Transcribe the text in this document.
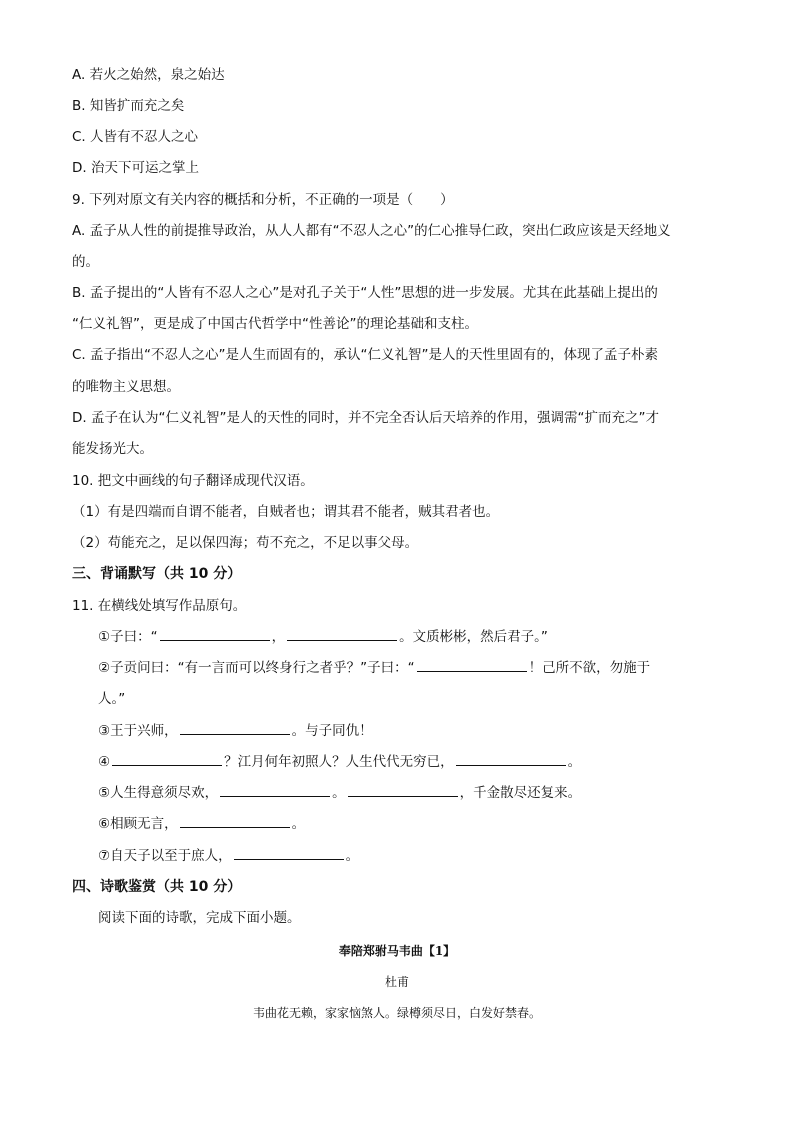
A. 若火之始然，泉之始达
B. 知皆扩而充之矣
C. 人皆有不忍人之心
D. 治天下可运之掌上
9. 下列对原文有关内容的概括和分析，不正确的一项是（　　）
A. 孟子从人性的前提推导政治，从人人都有“不忍人之心”的仁心推导仁政，突出仁政应该是天经地义
的。
B. 孟子提出的“人皆有不忍人之心”是对孔子关于“人性”思想的进一步发展。尤其在此基础上提出的
“仁义礼智”，更是成了中国古代哲学中“性善论”的理论基础和支柱。
C. 孟子指出“不忍人之心”是人生而固有的，承认“仁义礼智”是人的天性里固有的，体现了孟子朴素
的唯物主义思想。
D. 孟子在认为“仁义礼智”是人的天性的同时，并不完全否认后天培养的作用，强调需“扩而充之”才
能发扬光大。
10. 把文中画线的句子翻译成现代汉语。
（1）有是四端而自谓不能者，自贼者也；谓其君不能者，贼其君者也。
（2）苟能充之，足以保四海；苟不充之，不足以事父母。
三、背诵默写（共 10 分）
11. 在横线处填写作品原句。
①子曰：“	，	。文质彬彬，然后君子。”
②子贡问曰：“有一言而可以终身行之者乎？”子曰：“	！己所不欲，勿施于
人。”
③王于兴师，	。与子同仇！
④	？江月何年初照人？人生代代无穷已，	。
⑤人生得意须尽欢，	。	，千金散尽还复来。
⑥相顾无言，	。
⑦自天子以至于庶人，	。
四、诗歌鉴赏（共 10 分）
阅读下面的诗歌，完成下面小题。
奉陪郑驸马韦曲【1】
杜甫
韦曲花无赖，家家恼煞人。绿樽须尽日，白发好禁春。
